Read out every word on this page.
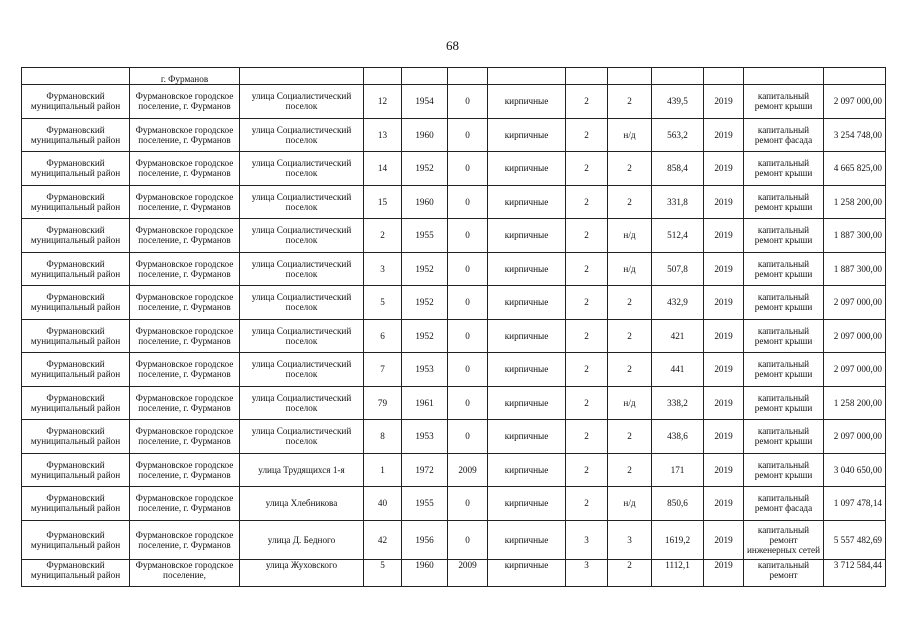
68
	г. Фурманов											
Фурмановский муниципальный район	Фурмановское городское поселение, г. Фурманов	улица Социалистический поселок	12	1954	0	кирпичные	2	2	439,5	2019	капитальный ремонт крыши	2 097 000,00
Фурмановский муниципальный район	Фурмановское городское поселение, г. Фурманов	улица Социалистический поселок	13	1960	0	кирпичные	2	н/д	563,2	2019	капитальный ремонт фасада	3 254 748,00
Фурмановский муниципальный район	Фурмановское городское поселение, г. Фурманов	улица Социалистический поселок	14	1952	0	кирпичные	2	2	858,4	2019	капитальный ремонт крыши	4 665 825,00
Фурмановский муниципальный район	Фурмановское городское поселение, г. Фурманов	улица Социалистический поселок	15	1960	0	кирпичные	2	2	331,8	2019	капитальный ремонт крыши	1 258 200,00
Фурмановский муниципальный район	Фурмановское городское поселение, г. Фурманов	улица Социалистический поселок	2	1955	0	кирпичные	2	н/д	512,4	2019	капитальный ремонт крыши	1 887 300,00
Фурмановский муниципальный район	Фурмановское городское поселение, г. Фурманов	улица Социалистический поселок	3	1952	0	кирпичные	2	н/д	507,8	2019	капитальный ремонт крыши	1 887 300,00
Фурмановский муниципальный район	Фурмановское городское поселение, г. Фурманов	улица Социалистический поселок	5	1952	0	кирпичные	2	2	432,9	2019	капитальный ремонт крыши	2 097 000,00
Фурмановский муниципальный район	Фурмановское городское поселение, г. Фурманов	улица Социалистический поселок	6	1952	0	кирпичные	2	2	421	2019	капитальный ремонт крыши	2 097 000,00
Фурмановский муниципальный район	Фурмановское городское поселение, г. Фурманов	улица Социалистический поселок	7	1953	0	кирпичные	2	2	441	2019	капитальный ремонт крыши	2 097 000,00
Фурмановский муниципальный район	Фурмановское городское поселение, г. Фурманов	улица Социалистический поселок	79	1961	0	кирпичные	2	н/д	338,2	2019	капитальный ремонт крыши	1 258 200,00
Фурмановский муниципальный район	Фурмановское городское поселение, г. Фурманов	улица Социалистический поселок	8	1953	0	кирпичные	2	2	438,6	2019	капитальный ремонт крыши	2 097 000,00
Фурмановский муниципальный район	Фурмановское городское поселение, г. Фурманов	улица Трудящихся 1-я	1	1972	2009	кирпичные	2	2	171	2019	капитальный ремонт крыши	3 040 650,00
Фурмановский муниципальный район	Фурмановское городское поселение, г. Фурманов	улица Хлебникова	40	1955	0	кирпичные	2	н/д	850,6	2019	капитальный ремонт фасада	1 097 478,14
Фурмановский муниципальный район	Фурмановское городское поселение, г. Фурманов	улица Д. Бедного	42	1956	0	кирпичные	3	3	1619,2	2019	капитальный ремонт инженерных сетей	5 557 482,69
Фурмановский муниципальный район	Фурмановское городское поселение,	улица Жуховского	5	1960	2009	кирпичные	3	2	1112,1	2019	капитальный ремонт	3 712 584,44
